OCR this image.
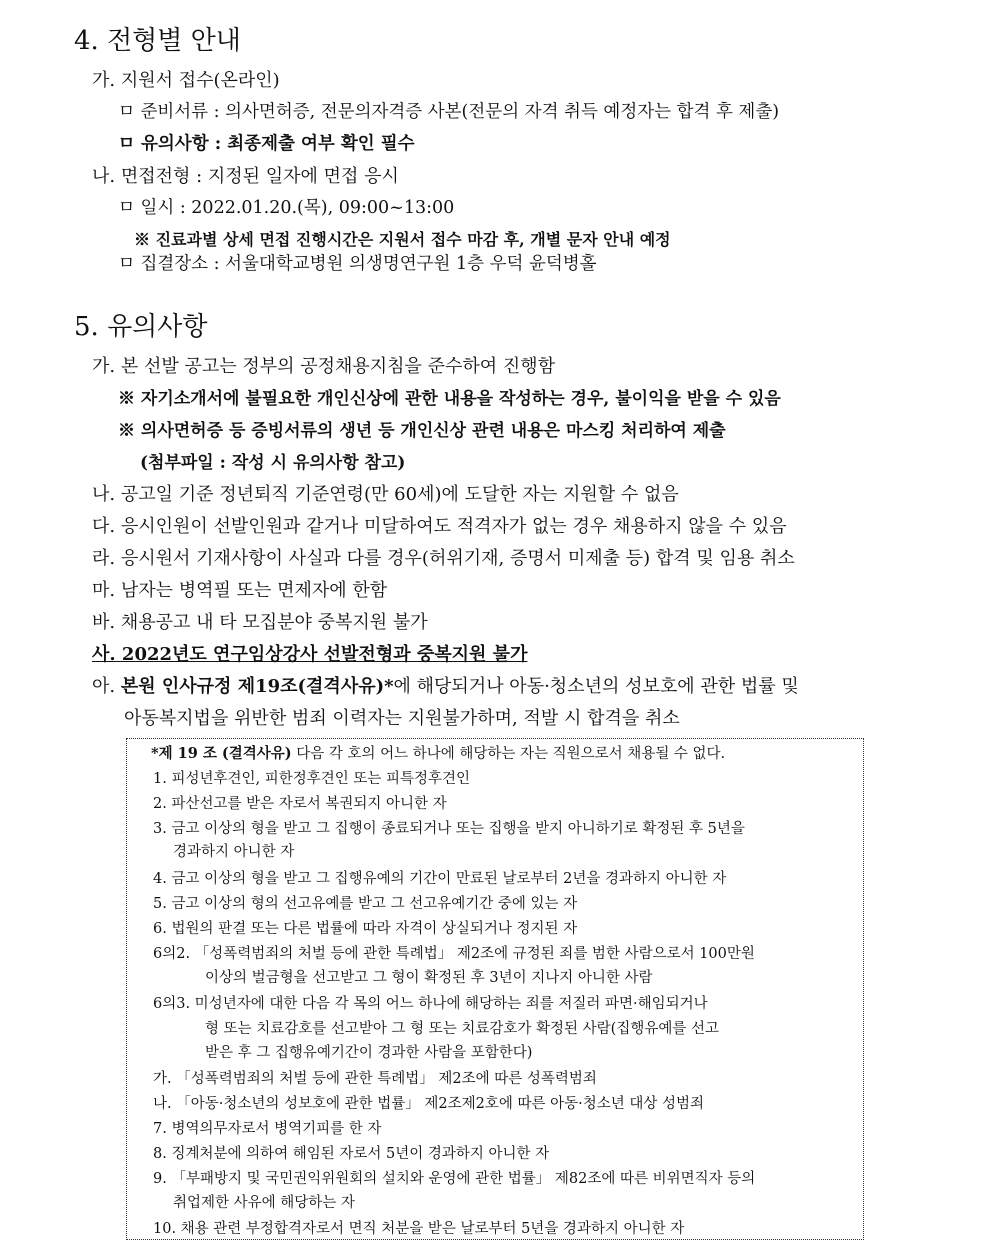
4. 전형별 안내
가. 지원서 접수(온라인)
ㅁ 준비서류 : 의사면허증, 전문의자격증 사본(전문의 자격 취득 예정자는 합격 후 제출)
ㅁ 유의사항 : 최종제출 여부 확인 필수
나. 면접전형 : 지정된 일자에 면접 응시
ㅁ 일시 : 2022.01.20.(목), 09:00~13:00
※ 진료과별 상세 면접 진행시간은 지원서 접수 마감 후, 개별 문자 안내 예정
ㅁ 집결장소 : 서울대학교병원 의생명연구원 1층 우덕 윤덕병홀
5. 유의사항
가. 본 선발 공고는 정부의 공정채용지침을 준수하여 진행함
※ 자기소개서에 불필요한 개인신상에 관한 내용을 작성하는 경우, 불이익을 받을 수 있음
※ 의사면허증 등 증빙서류의 생년 등 개인신상 관련 내용은 마스킹 처리하여 제출
(첨부파일 : 작성 시 유의사항 참고)
나. 공고일 기준 정년퇴직 기준연령(만 60세)에 도달한 자는 지원할 수 없음
다. 응시인원이 선발인원과 같거나 미달하여도 적격자가 없는 경우 채용하지 않을 수 있음
라. 응시원서 기재사항이 사실과 다를 경우(허위기재, 증명서 미제출 등) 합격 및 임용 취소
마. 남자는 병역필 또는 면제자에 한함
바. 채용공고 내 타 모집분야 중복지원 불가
사. 2022년도 연구임상강사 선발전형과 중복지원 불가
아. 본원 인사규정 제19조(결격사유)*에 해당되거나 아동·청소년의 성보호에 관한 법률 및
아동복지법을 위반한 범죄 이력자는 지원불가하며, 적발 시 합격을 취소
*제 19 조 (결격사유) 다음 각 호의 어느 하나에 해당하는 자는 직원으로서 채용될 수 없다.
1. 피성년후견인, 피한정후견인 또는 피특정후견인
2. 파산선고를 받은 자로서 복권되지 아니한 자
3. 금고 이상의 형을 받고 그 집행이 종료되거나 또는 집행을 받지 아니하기로 확정된 후 5년을
경과하지 아니한 자
4. 금고 이상의 형을 받고 그 집행유예의 기간이 만료된 날로부터 2년을 경과하지 아니한 자
5. 금고 이상의 형의 선고유예를 받고 그 선고유예기간 중에 있는 자
6. 법원의 판결 또는 다른 법률에 따라 자격이 상실되거나 정지된 자
6의2. 「성폭력범죄의 처벌 등에 관한 특례법」 제2조에 규정된 죄를 범한 사람으로서 100만원
이상의 벌금형을 선고받고 그 형이 확정된 후 3년이 지나지 아니한 사람
6의3. 미성년자에 대한 다음 각 목의 어느 하나에 해당하는 죄를 저질러 파면·해임되거나
형 또는 치료감호를 선고받아 그 형 또는 치료감호가 확정된 사람(집행유예를 선고
받은 후 그 집행유예기간이 경과한 사람을 포함한다)
가. 「성폭력범죄의 처벌 등에 관한 특례법」 제2조에 따른 성폭력범죄
나. 「아동·청소년의 성보호에 관한 법률」 제2조제2호에 따른 아동·청소년 대상 성범죄
7. 병역의무자로서 병역기피를 한 자
8. 징계처분에 의하여 해임된 자로서 5년이 경과하지 아니한 자
9. 「부패방지 및 국민권익위원회의 설치와 운영에 관한 법률」 제82조에 따른 비위면직자 등의
취업제한 사유에 해당하는 자
10. 채용 관련 부정합격자로서 면직 처분을 받은 날로부터 5년을 경과하지 아니한 자
